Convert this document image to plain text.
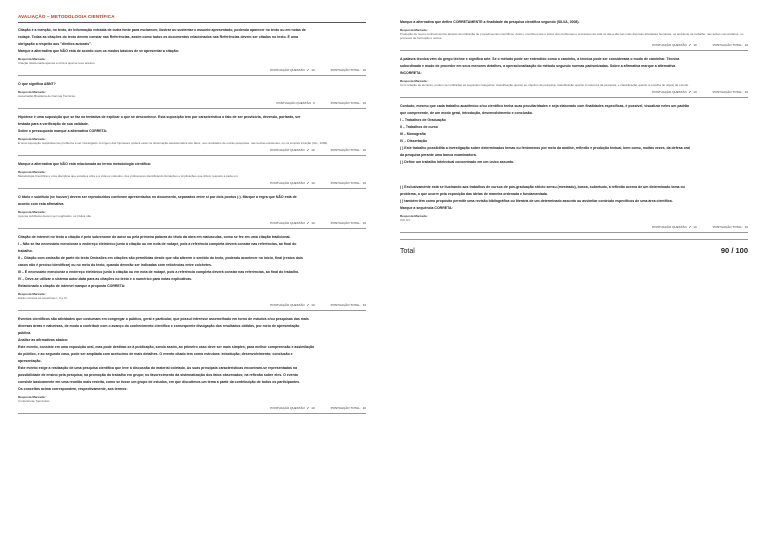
AVALIAÇÃO – METODOLOGIA CIENTÍFICA

Citação é a menção, no texto, de informação extraída de outra fonte para esclarecer, ilustrar ou sustentar o assunto apresentado, podendo aparecer no texto ou em notas de

rodapé. Todas as citações do texto devem constar nas Referências, assim como todos os documentos relacionados nas Referências devem ser citados no texto. É uma

obrigação a respeito aos "direitos autorais".

Marque a alternativa que NÃO está de acordo com os modos básicos de se apresentar a citação:

Resposta Marcada :
Citação relacionada apenas a obra à qual se teve acesso.
PONTUAÇÃO QUESTÃO ✔ 10	PONTUAÇÃO TOTAL: 10

O que significa ABNT?

Resposta Marcada :
Associação Brasileira de Normas Técnicas.
PONTUAÇÃO QUESTÃO 0	PONTUAÇÃO TOTAL: 10

Hipótese é uma suposição que se faz na tentativa de explicar o que se desconhece. Esta suposição tem por característica o fato de ser provisória, devendo, portanto, ser

testada para a verificação de sua validade.

Sobre o pressuposto marque a alternativa CORRETA:

Resposta Marcada :
É uma suposição respeitável ao problema a ser investigado. A origem das hipóteses poderá estar na observação assistemática dos fatos, nos resultados de outras pesquisas, nas teorias existentes, ou na simples intuição (GIL, 1999).
PONTUAÇÃO QUESTÃO ✔ 10	PONTUAÇÃO TOTAL: 10

Marque a alternativa que NÃO está relacionada ao termo metodologia científica:

Resposta Marcada :
Metodologia Científica é uma disciplina que estuda a obra e a vida os métodos, dos professores identificando limitações e implicações que dizem respeito a cada um.
PONTUAÇÃO QUESTÃO ✔ 10	PONTUAÇÃO TOTAL: 10

O título e subtítulo (se houver) devem ser reproduzidos conforme apresentados no documento, separados entre si por dois pontos (:). Marque a regra que NÃO está de

acordo com esta afirmativa.

Resposta Marcada :
Apenas subtítulos devem ser negritados, os títulos não.
PONTUAÇÃO QUESTÃO ✔ 10	PONTUAÇÃO TOTAL: 10

Citação de internet no texto a citação é pelo sobrenome do autor ou pela primeira palavra do título da obra em maiúsculas, como se fez em uma citação tradicional.

I – Não se faz necessário mencionar o endereço eletrônico junto à citação ou em nota de rodapé, pois a referência completa deverá constar nas referências, ao final do

trabalho.

II – Citação com omissão de parte do texto Omissões em citações são permitidas desde que não alterem o sentido do texto, podendo acontecer no início, final (restos dois

casos não é preciso identificar) ou no meio do texto, quando deverão ser indicadas com reticências entre colchetes.

III – É necessário mencionar o endereço eletrônico junto à citação ou em nota de rodapé, pois a referência completa deverá constar nas referências, ao final do trabalho.

IV – Deve-se utilizar o sistema autor-data para as citações no texto e o numérico para notas explicativas.

Relacionado a citação de internet marque a proposta CORRETA:

Resposta Marcada :
Estão corretas as assertivas I, II e IV.
PONTUAÇÃO QUESTÃO ✔ 10	PONTUAÇÃO TOTAL: 10

Eventos científicos são atividades que costumam em congregar o público, geral e particular, que possui interesse assemelhado em torno de estudos e/ou pesquisas das mais

diversas áreas e naturezas, de modo a contribuir com o avanço do conhecimento científico e consequente divulgação dos resultados obtidos, por meio de apresentação

pública.

Analise as afirmativas abaixo:

Este evento, consiste em uma exposição oral, mas pode destinar-se à publicação, sendo assim, ao primeiro caso deve ser mais simples, para melhor compreensão e assimilação

do público, e ao segundo caso, pode ser ampliada com acréscimo de mais detalhes. O evento citado tem como estrutura: introdução; desenvolvimento; conclusão e

apresentação.

Este evento exige a realização de uma pesquisa científica que leve à discussão do material coletado. As suas principais características encontram-se representadas na

possibilidade de ensino pela pesquisa; na promoção do trabalho em grupo; no favorecimento da sistematização dos fatos observados; na reflexão sobre eles. O evento

consiste basicamente em uma reunião mais restrita, como se fosse um grupo de estudos, em que discutimos um tema a partir da contribuição de todos os participantes.

Os conceitos acima correspondem, respectivamente, aos termos:

Resposta Marcada :
Conferência; Seminário.
PONTUAÇÃO QUESTÃO ✔ 10	PONTUAÇÃO TOTAL: 10

Marque a alternativa que define CORRETAMENTE a finalidade da pesquisa científica segundo (SILVA, 2008).

Resposta Marcada :
Produção de novos conhecimentos através da utilização de procedimentos científicos. Assim, contribui para o todos dos problemas e processos da vida no dia-a-dia nas mais diversas atividades humanas, no ambiente de trabalho, nas ações comunitárias, no processo de formação e outros.
PONTUAÇÃO QUESTÃO ✔ 10	PONTUAÇÃO TOTAL: 10

A palavra técnica vem do grego téchne e significa arte. Se o método pode ser entendido como o caminho, a técnica pode ser considerada o modo de caminhar. Técnica

subordinada e modo de proceder em seus menores detalhes, a operacionalização do método segundo normas padronizadas. Sobre a afirmativa marque a alternativa

INCORRETA:

Resposta Marcada :
Com relação às técnicas, podem ser utilizadas as seguintes categorias: classificação quanto ao objetivo da pesquisa, classificação quanto à natureza da pesquisa, e classificação quanto à escolha do objeto de estudo.
PONTUAÇÃO QUESTÃO ✔ 10	PONTUAÇÃO TOTAL: 10

Contudo, mesmo que cada trabalho acadêmico e/ou científico tenha suas peculiaridades e seja elaborado com finalidades específicas, é possível, visualizar neles um padrão

que compreende, de um modo geral, introdução, desenvolvimento e conclusão.

I – Trabalhos de Graduação

II – Trabalhos de curso

III – Monografia

IV – Dissertação

( ) Este trabalho possibilita a investigação sobre determinados temas ou fenômenos por meio da análise, reflexão e produção textual, bem como, muitas vezes, da defesa oral

da pesquisa perante uma banca examinadora.

( ) Define um trabalho intelectual concentrado em um único assunto.

( ) Exclusivamente está se ilustrando aos trabalhos de cursos de pós-graduação stricto sensu (mestrado), busca, sobretudo, a reflexão acerca de um determinado tema ou

problema, o que ocorre pela exposição das ideias de maneira ordenada e fundamentada.

( ) também têm como propósito permitir uma revisão bibliográfica ou literária de um determinado assunto ou assimilar conteúdo específicos de uma área científica.

Marque a sequência CORRETA:

Resposta Marcada :
II,III,IV,I.
PONTUAÇÃO QUESTÃO ✔ 10	PONTUAÇÃO TOTAL: 10
Total	90 / 100
